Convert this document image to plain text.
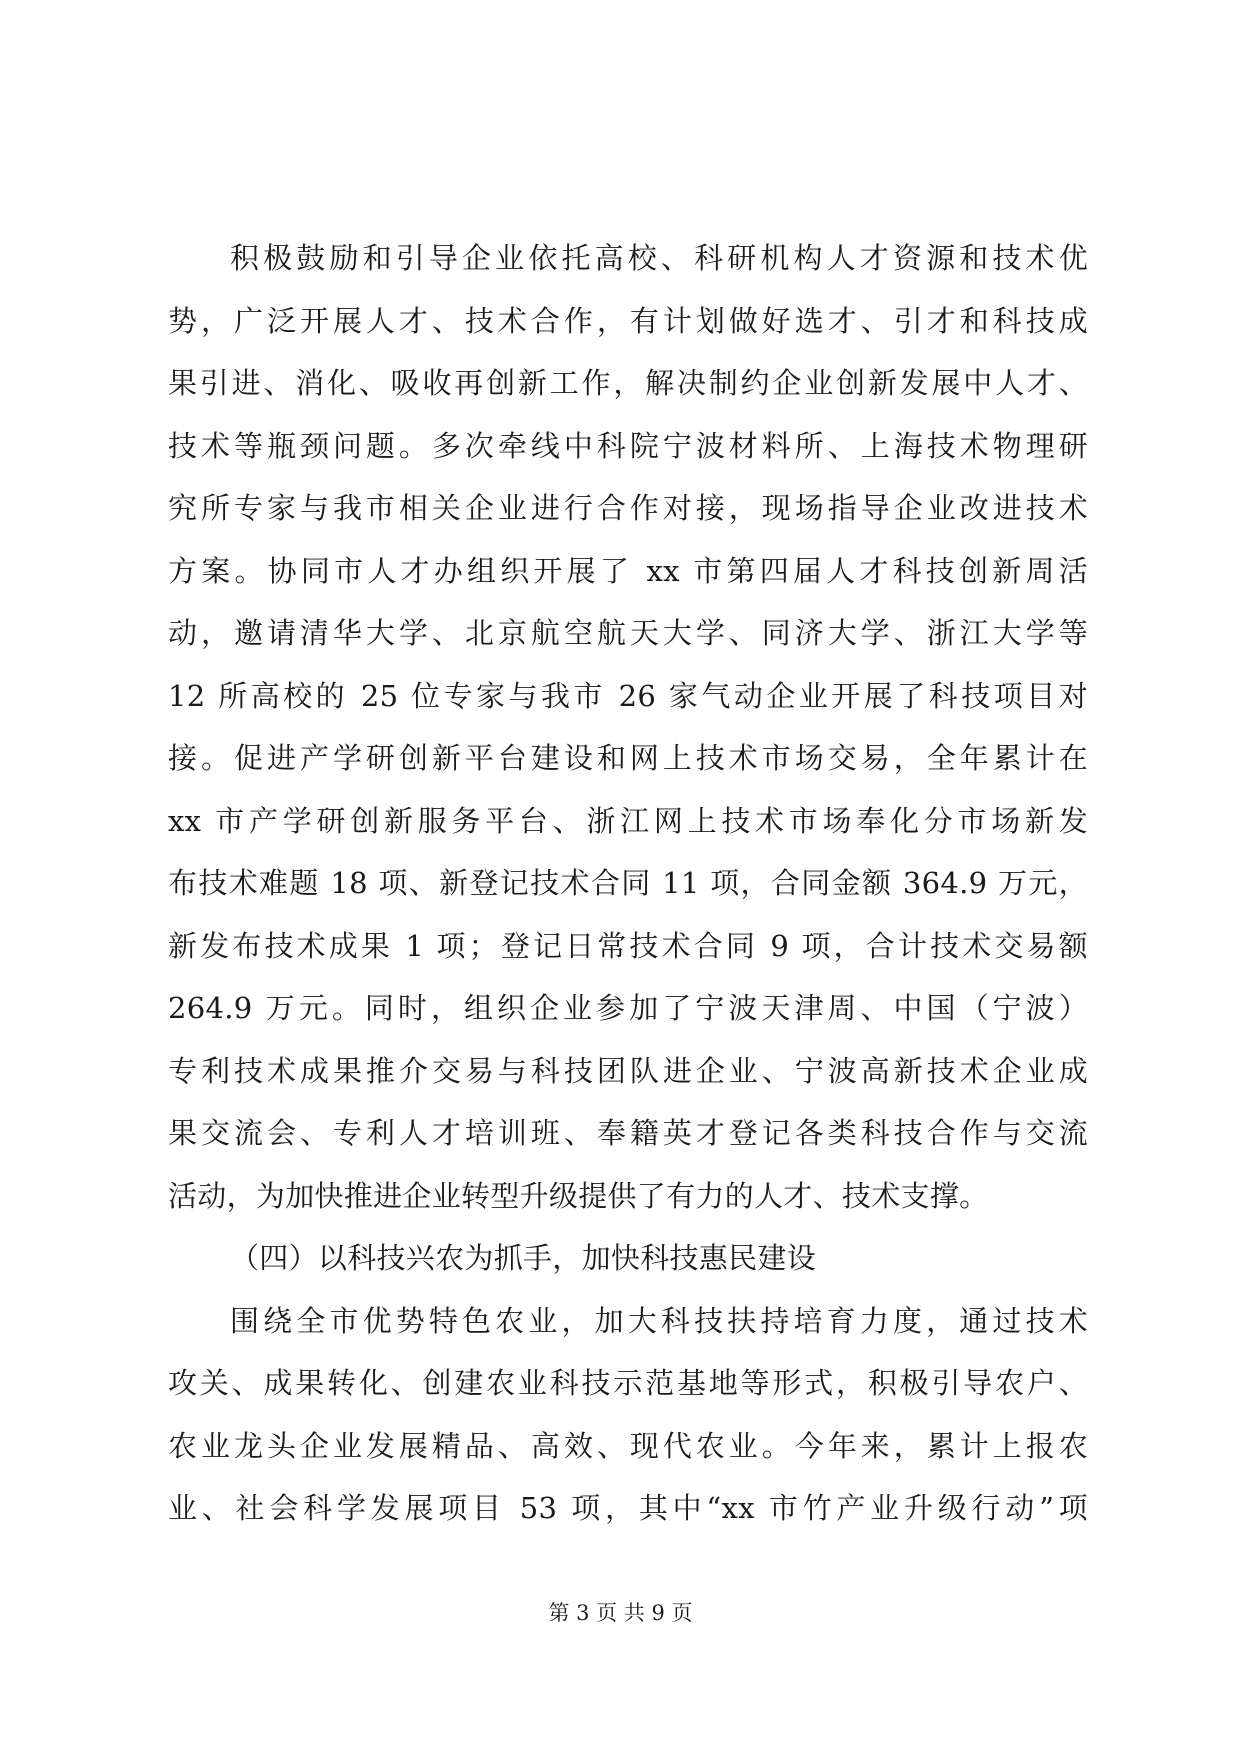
积极鼓励和引导企业依托高校、科研机构人才资源和技术优
势，广泛开展人才、技术合作，有计划做好选才、引才和科技成
果引进、消化、吸收再创新工作，解决制约企业创新发展中人才、
技术等瓶颈问题。多次牵线中科院宁波材料所、上海技术物理研
究所专家与我市相关企业进行合作对接，现场指导企业改进技术
方案。协同市人才办组织开展了 xx 市第四届人才科技创新周活
动，邀请清华大学、北京航空航天大学、同济大学、浙江大学等
12 所高校的 25 位专家与我市 26 家气动企业开展了科技项目对
接。促进产学研创新平台建设和网上技术市场交易，全年累计在
xx 市产学研创新服务平台、浙江网上技术市场奉化分市场新发
布技术难题 18 项、新登记技术合同 11 项，合同金额 364.9 万元，
新发布技术成果 1 项；登记日常技术合同 9 项，合计技术交易额
264.9 万元。同时，组织企业参加了宁波天津周、中国（宁波）
专利技术成果推介交易与科技团队进企业、宁波高新技术企业成
果交流会、专利人才培训班、奉籍英才登记各类科技合作与交流
活动，为加快推进企业转型升级提供了有力的人才、技术支撑。
（四）以科技兴农为抓手，加快科技惠民建设
围绕全市优势特色农业，加大科技扶持培育力度，通过技术
攻关、成果转化、创建农业科技示范基地等形式，积极引导农户、
农业龙头企业发展精品、高效、现代农业。今年来，累计上报农
业、社会科学发展项目 53 项，其中“xx 市竹产业升级行动”项
第 3 页 共 9 页
